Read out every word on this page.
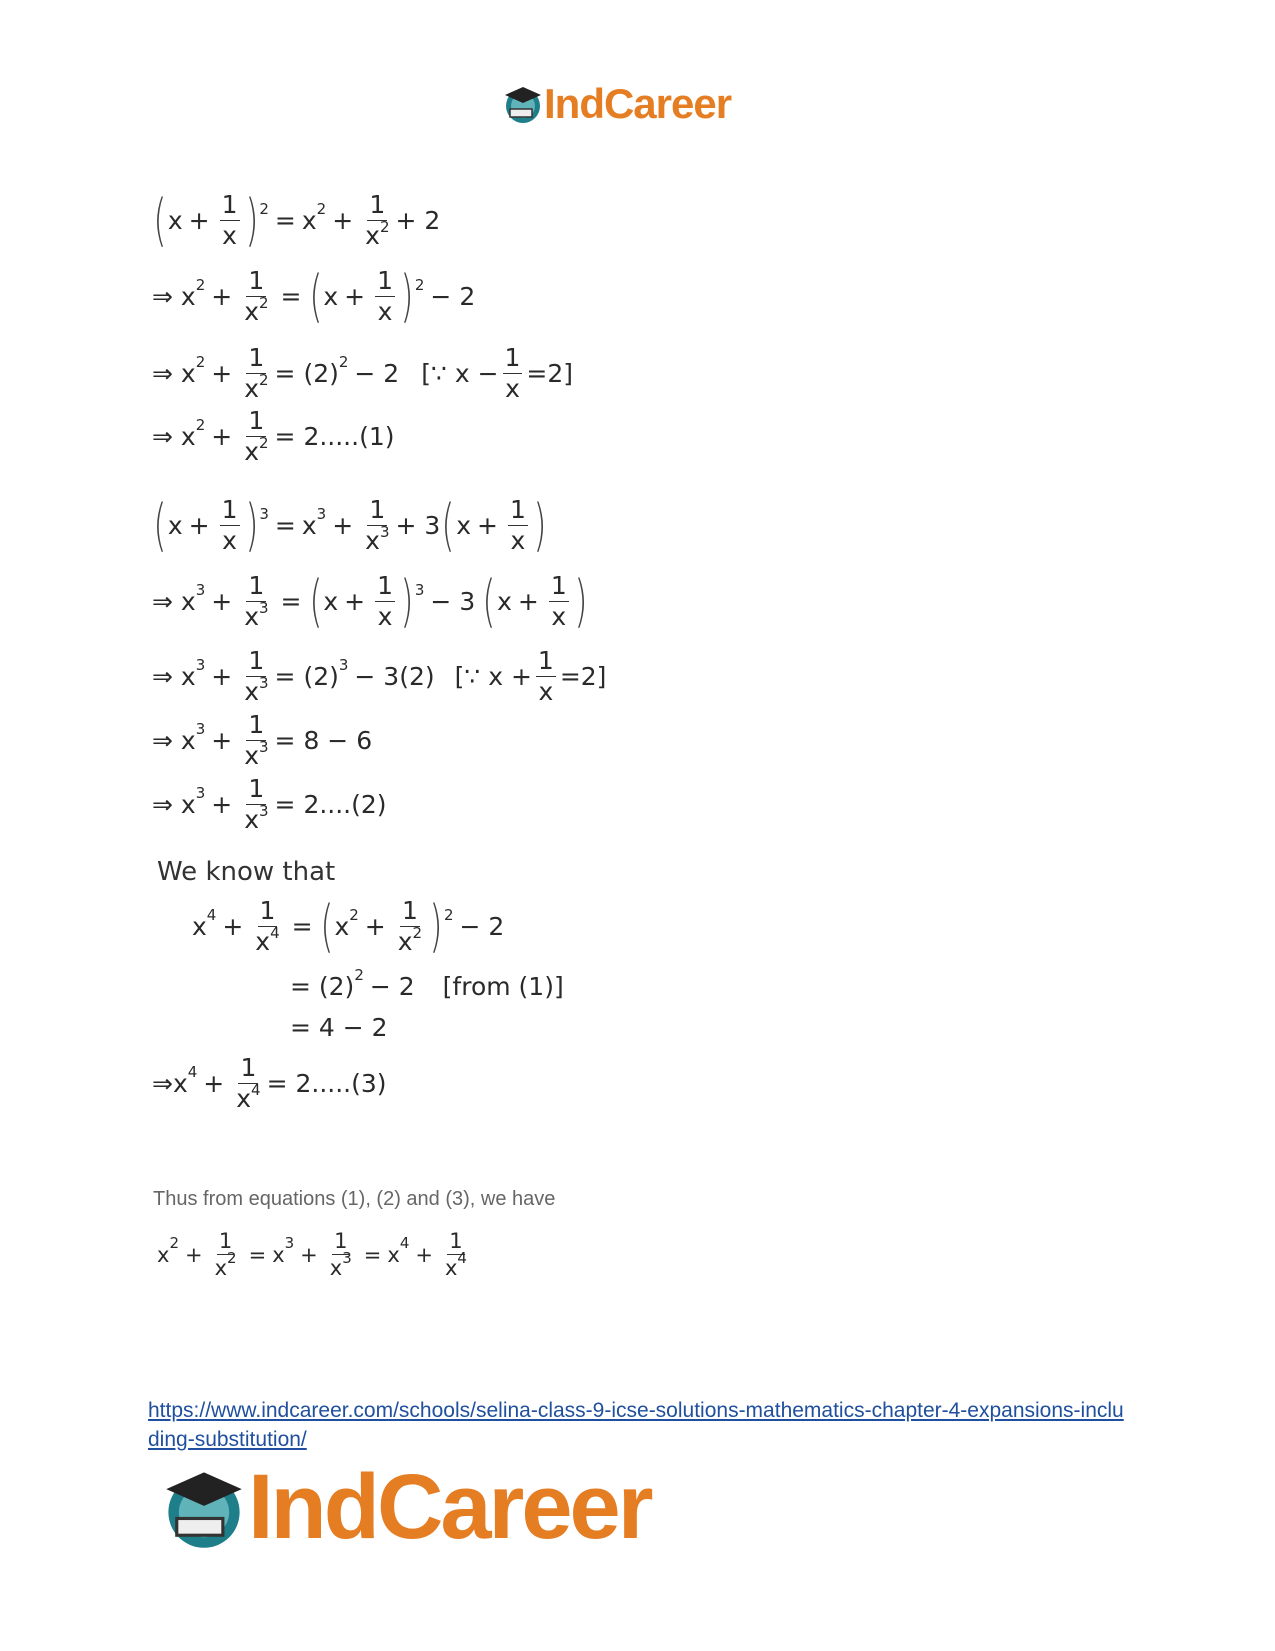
IndCareer
( $x + \frac{1}{x} )^2 = x^2 + \frac{1}{x^2} + 2$
⇒ $x^2 + \frac{1}{x^2}$ = ( $x + \frac{1}{x} )^2 - 2$
⇒ $x^2 + \frac{1}{x^2} = (2)^2 - 2$ [∵ $x - \frac{1}{x} =2$]
⇒ $x^2 + \frac{1}{x^2} = 2.....(1)$
( $x + \frac{1}{x} )^3 = x^3 + \frac{1}{x^3} + 3$ ( $x + \frac{1}{x}$ )
⇒ $x^3 + \frac{1}{x^3}$ = ( $x + \frac{1}{x} )^3 - 3$ ( $x + \frac{1}{x}$ )
⇒ $x^3 + \frac{1}{x^3} = (2)^3 - 3(2)$ [∵ $x + \frac{1}{x} =2$]
⇒ $x^3 + \frac{1}{x^3} = 8 - 6$
⇒ $x^3 + \frac{1}{x^3} = 2....(2)$
We know that
$x^4 + \frac{1}{x^4}$ = ( $x^2 + \frac{1}{x^2} )^2 - 2$
= $(2)^2 - 2$ [from (1)]
= 4 − 2
$\Rightarrow x^4 + \frac{1}{x^4} = 2.....(3)$
Thus from equations (1), (2) and (3), we have
$x^2 + \frac{1}{x^2} = x^3 + \frac{1}{x^3} = x^4 + \frac{1}{x^4}$
https://www.indcareer.com/schools/selina-class-9-icse-solutions-mathematics-chapter-4-expansions-including-substitution/
IndCareer
